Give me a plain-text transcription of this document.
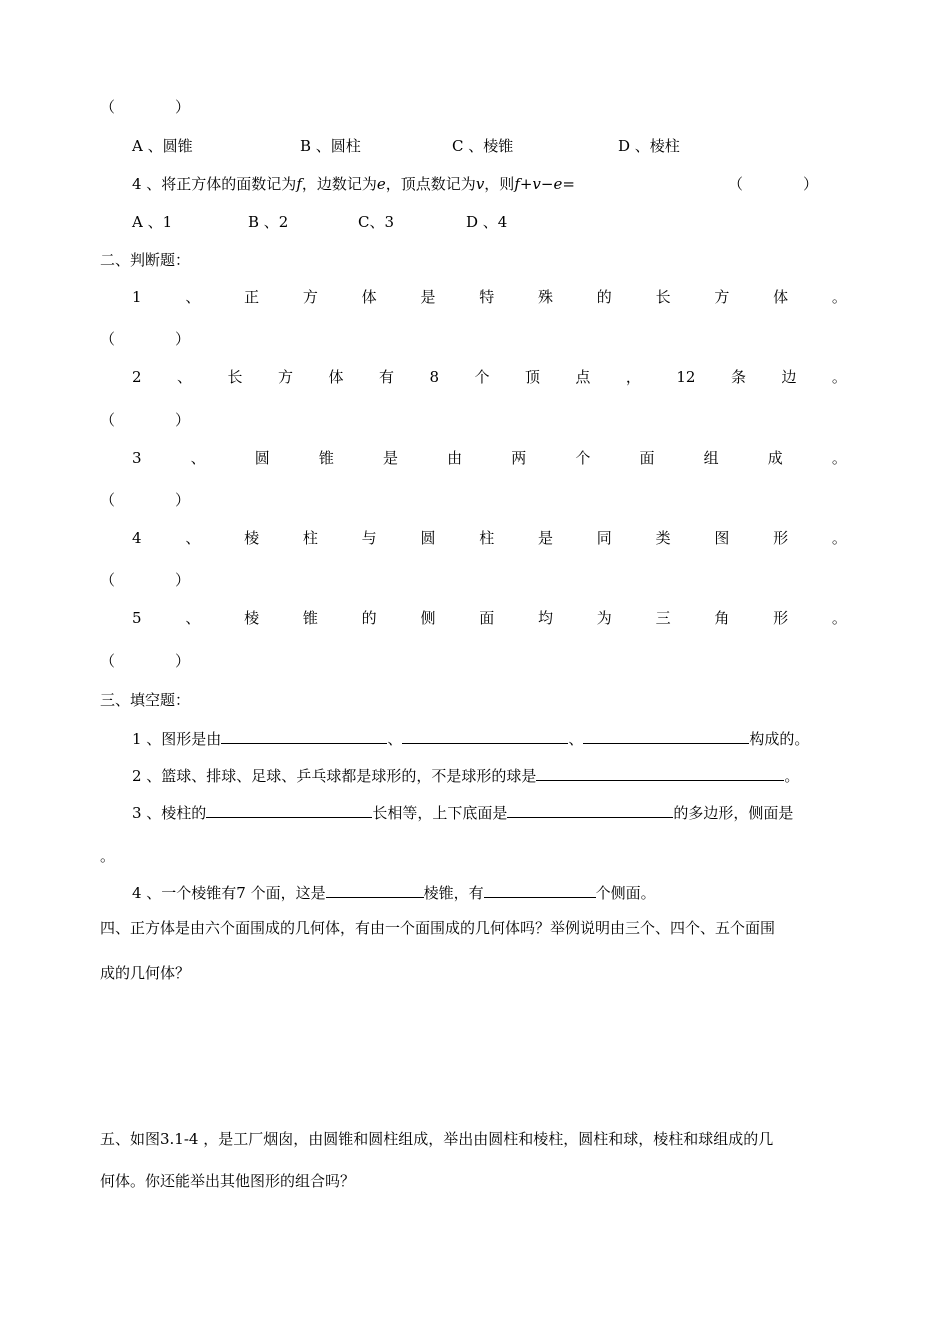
（　　　　）
A 、圆锥	B 、圆柱	C 、棱锥	D 、棱柱
4 、将正方体的面数记为f，边数记为e，顶点数记为v，则f+v−e=	（　　　　）
A 、1	B 、2	C、3	D 、4
二、判断题：
1	、	正	方	体	是	特	殊	的	长	方	体	。
（　　　　）
2 、 长 方 体 有 8 个 顶 点 ， 12 条 边 。
（　　　　）
3	、	圆	锥	是	由	两	个	面	组	成	。
（　　　　）
4	、	棱	柱	与	圆	柱	是	同	类	图	形	。
（　　　　）
5	、	棱	锥	的	侧	面	均	为	三	角	形	。
（　　　　）
三、填空题：
1 、图形是由	、	、	构成的。
2 、篮球、排球、足球、乒乓球都是球形的，不是球形的球是	。
3 、棱柱的	长相等，上下底面是	的多边形，侧面是
。
4 、一个棱锥有7 个面，这是	棱锥，有	个侧面。
四、正方体是由六个面围成的几何体，有由一个面围成的几何体吗？举例说明由三个、四个、五个面围
成的几何体？
五、如图3.1-4 ，是工厂烟囱，由圆锥和圆柱组成，举出由圆柱和棱柱，圆柱和球，棱柱和球组成的几
何体。你还能举出其他图形的组合吗？
